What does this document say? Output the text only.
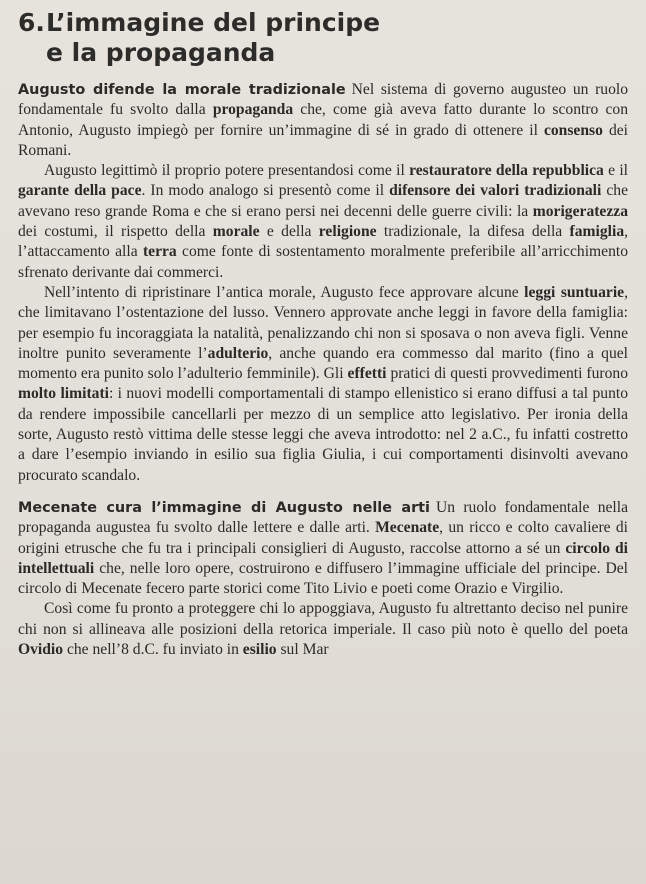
6.L’immagine del principe
e la propaganda

Augusto difende la morale tradizionale Nel sistema di governo augusteo un ruolo fondamentale fu svolto dalla propaganda che, come già aveva fatto durante lo scontro con Antonio, Augusto impiegò per fornire un’immagine di sé in grado di ottenere il consenso dei Romani.

Augusto legittimò il proprio potere presentandosi come il restauratore della repubblica e il garante della pace. In modo analogo si presentò come il difensore dei valori tradizionali che avevano reso grande Roma e che si erano persi nei decenni delle guerre civili: la morigeratezza dei costumi, il rispetto della morale e della religione tradizionale, la difesa della famiglia, l’attaccamento alla terra come fonte di sostentamento moralmente preferibile all’arricchimento sfrenato derivante dai commerci.

Nell’intento di ripristinare l’antica morale, Augusto fece approvare alcune leggi suntuarie, che limitavano l’ostentazione del lusso. Vennero approvate anche leggi in favore della famiglia: per esempio fu incoraggiata la natalità, penalizzando chi non si sposava o non aveva figli. Venne inoltre punito severamente l’adulterio, anche quando era commesso dal marito (fino a quel momento era punito solo l’adulterio femminile). Gli effetti pratici di questi provvedimenti furono molto limitati: i nuovi modelli comportamentali di stampo ellenistico si erano diffusi a tal punto da rendere impossibile cancellarli per mezzo di un semplice atto legislativo. Per ironia della sorte, Augusto restò vittima delle stesse leggi che aveva introdotto: nel 2 a.C., fu infatti costretto a dare l’esempio inviando in esilio sua figlia Giulia, i cui comportamenti disinvolti avevano procurato scandalo.

Mecenate cura l’immagine di Augusto nelle arti Un ruolo fondamentale nella propaganda augustea fu svolto dalle lettere e dalle arti. Mecenate, un ricco e colto cavaliere di origini etrusche che fu tra i principali consiglieri di Augusto, raccolse attorno a sé un circolo di intellettuali che, nelle loro opere, costruirono e diffusero l’immagine ufficiale del principe. Del circolo di Mecenate fecero parte storici come Tito Livio e poeti come Orazio e Virgilio.

Così come fu pronto a proteggere chi lo appoggiava, Augusto fu altrettanto deciso nel punire chi non si allineava alle posizioni della retorica imperiale. Il caso più noto è quello del poeta Ovidio che nell’8 d.C. fu inviato in esilio sul Mar
